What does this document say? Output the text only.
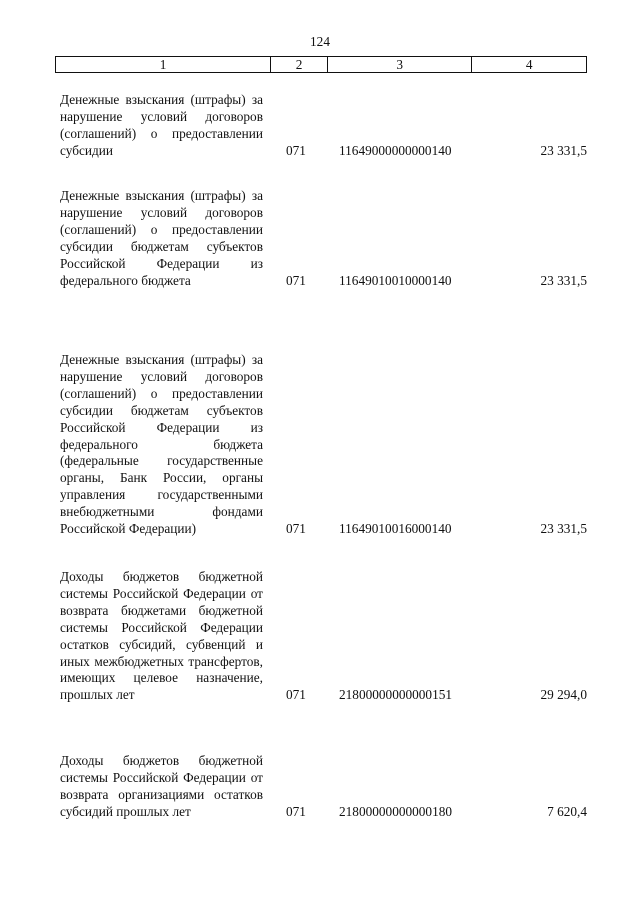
124
1	2	3	4
Денежные взыскания (штрафы) за нарушение условий договоров (соглашений) о предоставлении субсидии	071	11649000000000140	23 331,5
Денежные взыскания (штрафы) за нарушение условий договоров (соглашений) о предоставлении субсидии бюджетам субъектов Российской Федерации из федерального бюджета	071	11649010010000140	23 331,5
Денежные взыскания (штрафы) за нарушение условий договоров (соглашений) о предоставлении субсидии бюджетам субъектов Российской Федерации из федерального бюджета (федеральные государственные органы, Банк России, органы управления государственными внебюджетными фондами Российской Федерации)	071	11649010016000140	23 331,5
Доходы бюджетов бюджетной системы Российской Федерации от возврата бюджетами бюджетной системы Российской Федерации остатков субсидий, субвенций и иных межбюджетных трансфертов, имеющих целевое назначение, прошлых лет	071	21800000000000151	29 294,0
Доходы бюджетов бюджетной системы Российской Федерации от возврата организациями остатков субсидий прошлых лет	071	21800000000000180	7 620,4
